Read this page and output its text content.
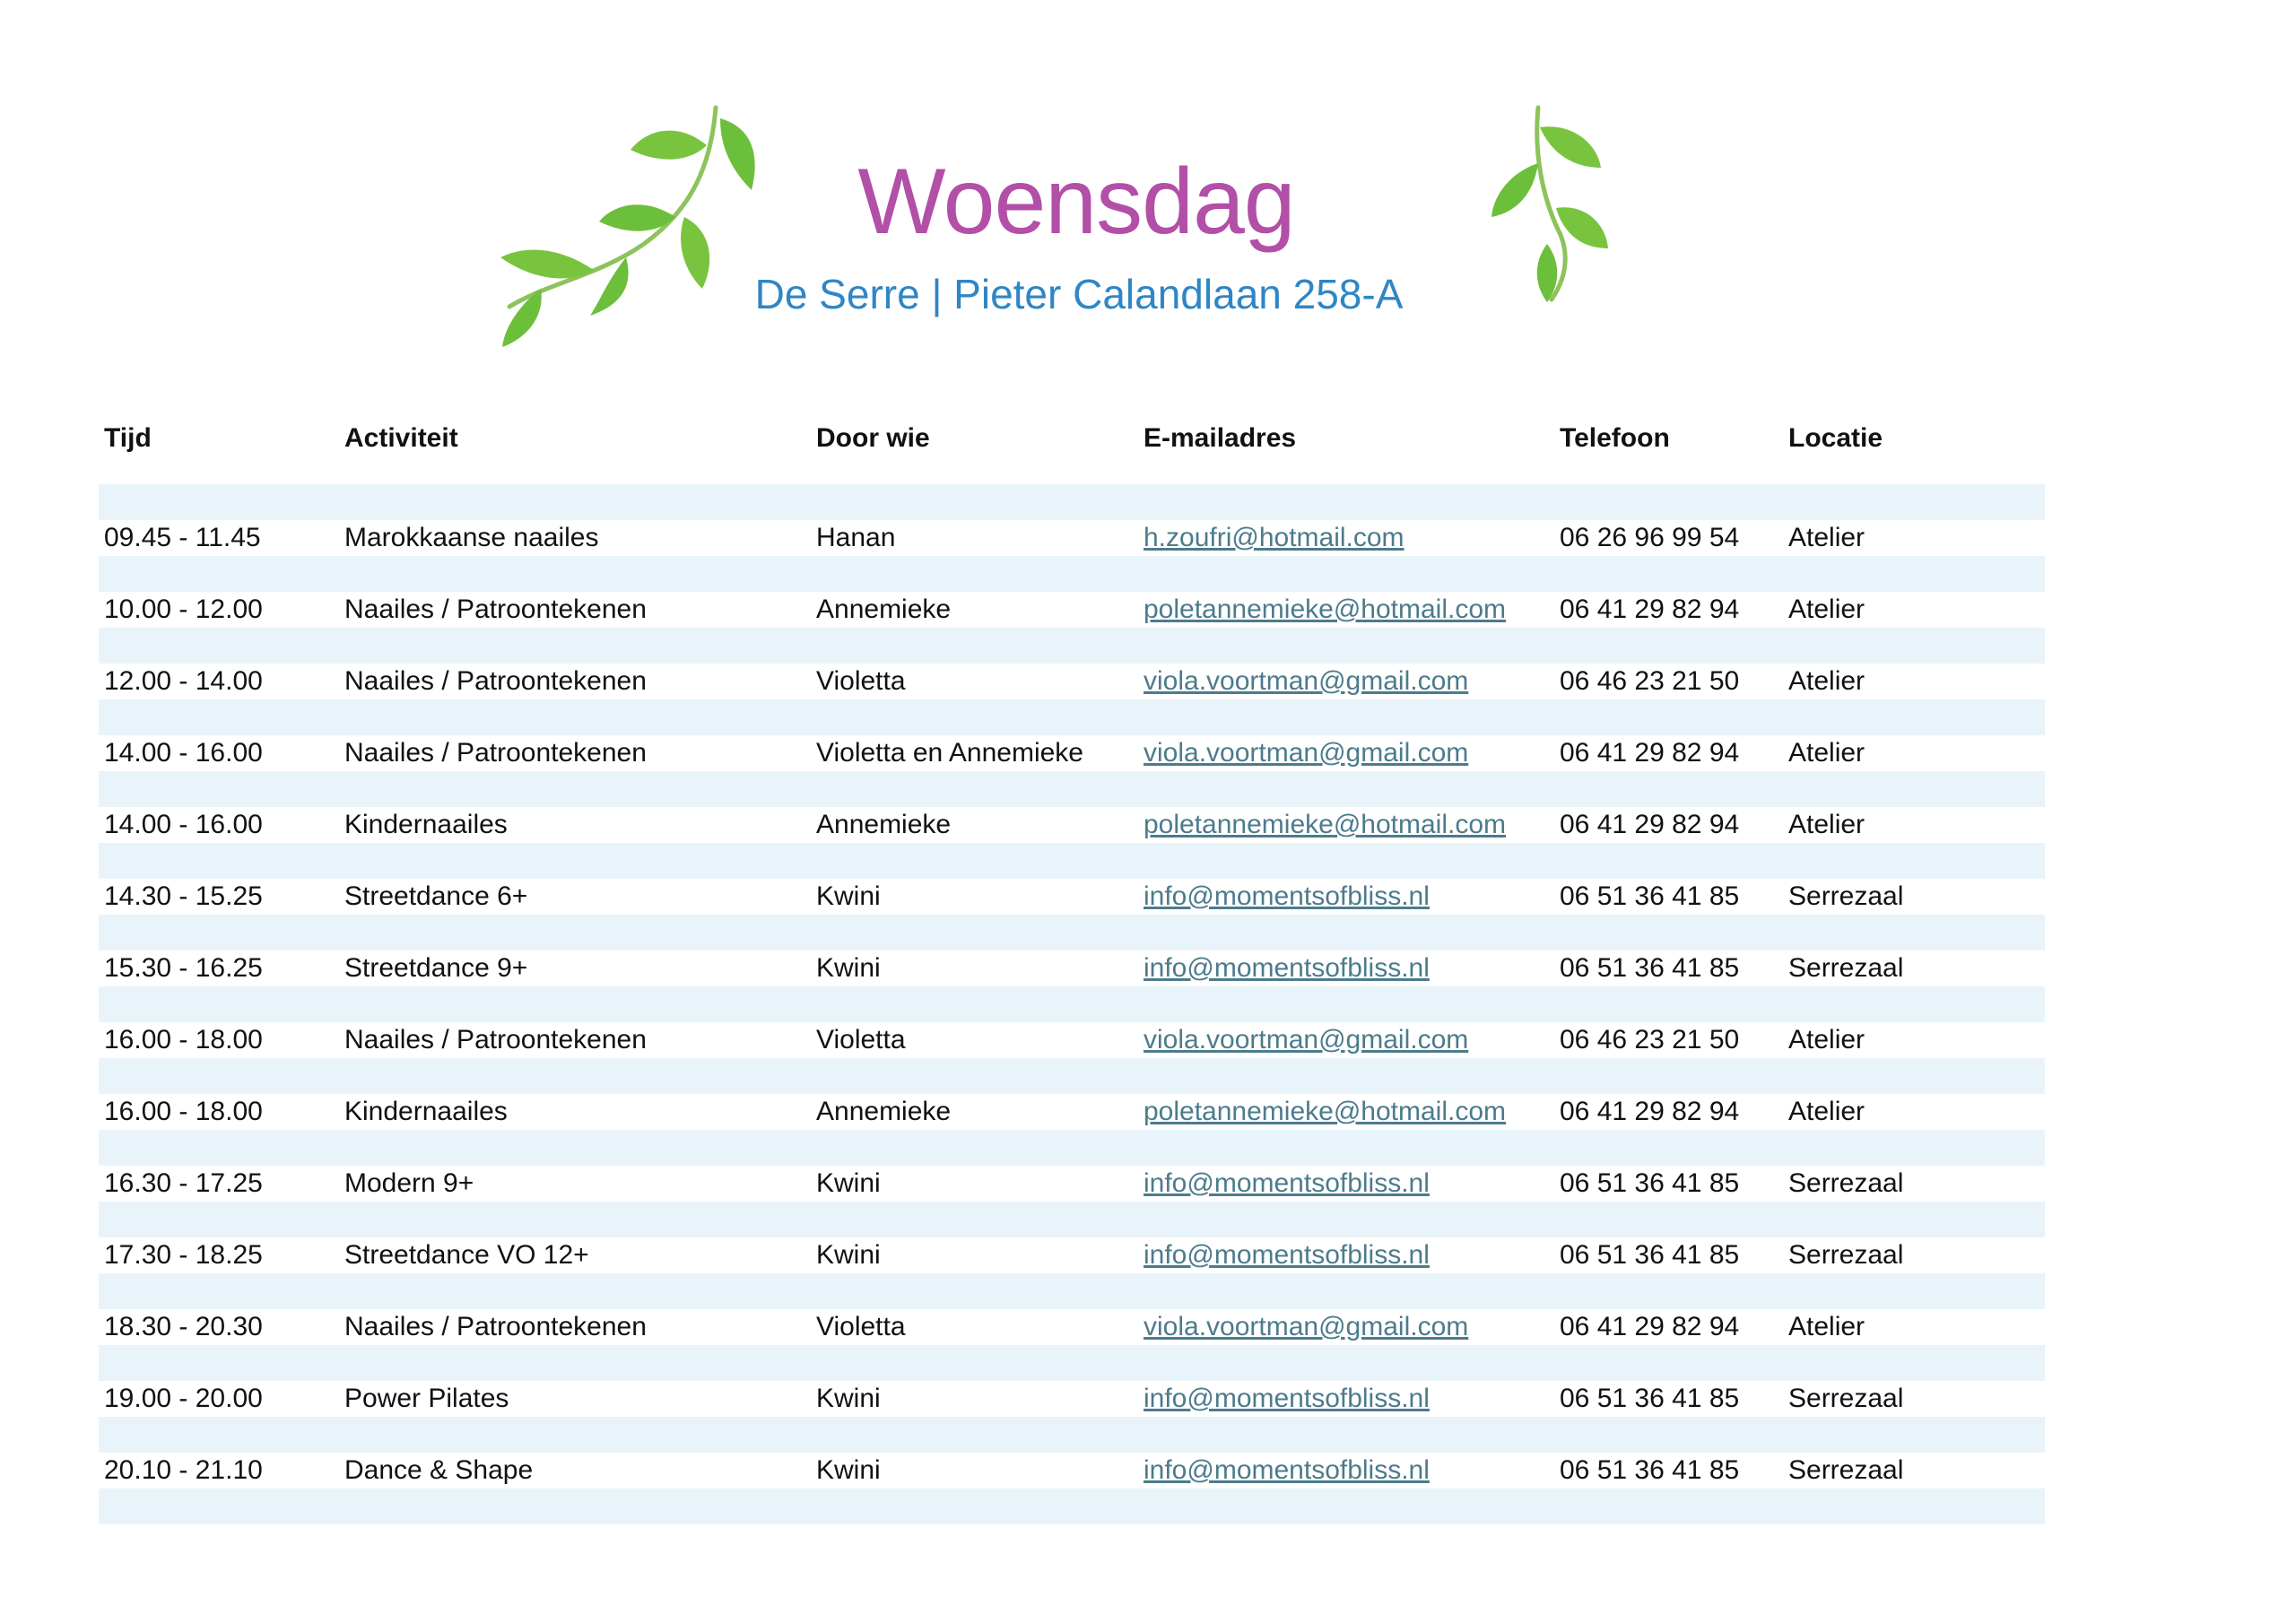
Woensdag
De Serre | Pieter Calandlaan 258-A
Tijd	Activiteit	Door wie	E-mailadres	Telefoon	Locatie
09.45 - 11.45	Marokkaanse naailes	Hanan	h.zoufri@hotmail.com	06 26 96 99 54 Atelier
10.00 - 12.00	Naailes / Patroontekenen	Annemieke	poletannemieke@hotmail.com 06 41 29 82 94 Atelier
12.00 - 14.00	Naailes / Patroontekenen	Violetta	viola.voortman@gmail.com	06 46 23 21 50 Atelier
14.00 - 16.00	Naailes / Patroontekenen	Violetta en Annemieke viola.voortman@gmail.com	06 41 29 82 94 Atelier
14.00 - 16.00	Kindernaailes	Annemieke	poletannemieke@hotmail.com 06 41 29 82 94 Atelier
14.30 - 15.25	Streetdance 6+	Kwini	info@momentsofbliss.nl	06 51 36 41 85 Serrezaal
15.30 - 16.25	Streetdance 9+	Kwini	info@momentsofbliss.nl	06 51 36 41 85 Serrezaal
16.00 - 18.00	Naailes / Patroontekenen	Violetta	viola.voortman@gmail.com	06 46 23 21 50 Atelier
16.00 - 18.00	Kindernaailes	Annemieke	poletannemieke@hotmail.com 06 41 29 82 94 Atelier
16.30 - 17.25	Modern 9+	Kwini	info@momentsofbliss.nl	06 51 36 41 85 Serrezaal
17.30 - 18.25	Streetdance VO 12+	Kwini	info@momentsofbliss.nl	06 51 36 41 85 Serrezaal
18.30 - 20.30	Naailes / Patroontekenen	Violetta	viola.voortman@gmail.com	06 41 29 82 94 Atelier
19.00 - 20.00	Power Pilates	Kwini	info@momentsofbliss.nl	06 51 36 41 85 Serrezaal
20.10 - 21.10	Dance & Shape	Kwini	info@momentsofbliss.nl	06 51 36 41 85 Serrezaal
